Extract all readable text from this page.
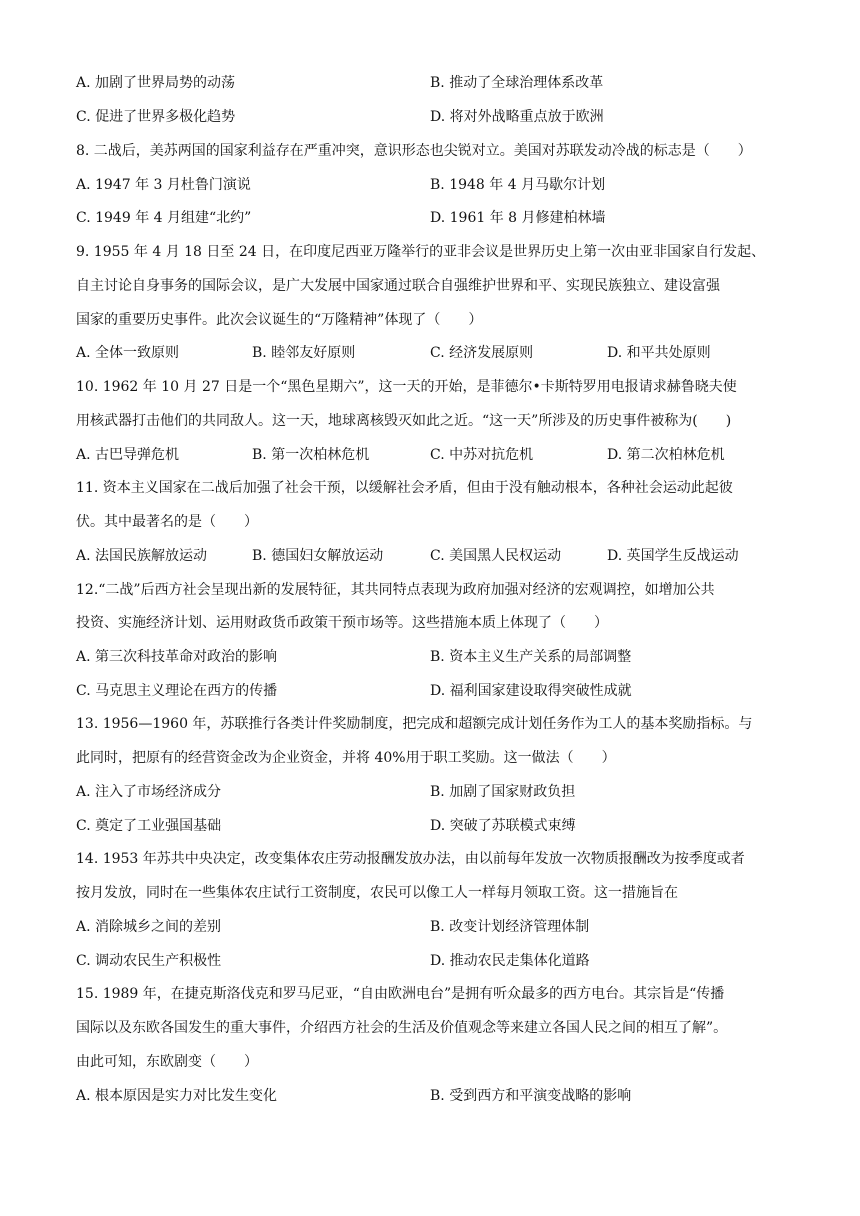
A. 加剧了世界局势的动荡	B. 推动了全球治理体系改革
C. 促进了世界多极化趋势	D. 将对外战略重点放于欧洲
8. 二战后，美苏两国的国家利益存在严重冲突，意识形态也尖锐对立。美国对苏联发动冷战的标志是（　　）
A. 1947 年 3 月杜鲁门演说	B. 1948 年 4 月马歇尔计划
C. 1949 年 4 月组建“北约”	D. 1961 年 8 月修建柏林墙
9. 1955 年 4 月 18 日至 24 日，在印度尼西亚万隆举行的亚非会议是世界历史上第一次由亚非国家自行发起、
自主讨论自身事务的国际会议，是广大发展中国家通过联合自强维护世界和平、实现民族独立、建设富强
国家的重要历史事件。此次会议诞生的“万隆精神”体现了（　　）
A. 全体一致原则	B. 睦邻友好原则	C. 经济发展原则	D. 和平共处原则
10. 1962 年 10 月 27 日是一个“黑色星期六”，这一天的开始，是菲德尔•卡斯特罗用电报请求赫鲁晓夫使
用核武器打击他们的共同敌人。这一天，地球离核毁灭如此之近。“这一天”所涉及的历史事件被称为(　　)
A. 古巴导弹危机	B. 第一次柏林危机	C. 中苏对抗危机	D. 第二次柏林危机
11. 资本主义国家在二战后加强了社会干预，以缓解社会矛盾，但由于没有触动根本，各种社会运动此起彼
伏。其中最著名的是（　　）
A. 法国民族解放运动	B. 德国妇女解放运动	C. 美国黑人民权运动	D. 英国学生反战运动
12.“二战”后西方社会呈现出新的发展特征，其共同特点表现为政府加强对经济的宏观调控，如增加公共
投资、实施经济计划、运用财政货币政策干预市场等。这些措施本质上体现了（　　）
A. 第三次科技革命对政治的影响	B. 资本主义生产关系的局部调整
C. 马克思主义理论在西方的传播	D. 福利国家建设取得突破性成就
13. 1956—1960 年，苏联推行各类计件奖励制度，把完成和超额完成计划任务作为工人的基本奖励指标。与
此同时，把原有的经营资金改为企业资金，并将 40%用于职工奖励。这一做法（　　）
A. 注入了市场经济成分	B. 加剧了国家财政负担
C. 奠定了工业强国基础	D. 突破了苏联模式束缚
14. 1953 年苏共中央决定，改变集体农庄劳动报酬发放办法，由以前每年发放一次物质报酬改为按季度或者
按月发放，同时在一些集体农庄试行工资制度，农民可以像工人一样每月领取工资。这一措施旨在
A. 消除城乡之间的差别	B. 改变计划经济管理体制
C. 调动农民生产积极性	D. 推动农民走集体化道路
15. 1989 年，在捷克斯洛伐克和罗马尼亚，“自由欧洲电台”是拥有听众最多的西方电台。其宗旨是“传播
国际以及东欧各国发生的重大事件，介绍西方社会的生活及价值观念等来建立各国人民之间的相互了解”。
由此可知，东欧剧变（　　）
A. 根本原因是实力对比发生变化	B. 受到西方和平演变战略的影响
